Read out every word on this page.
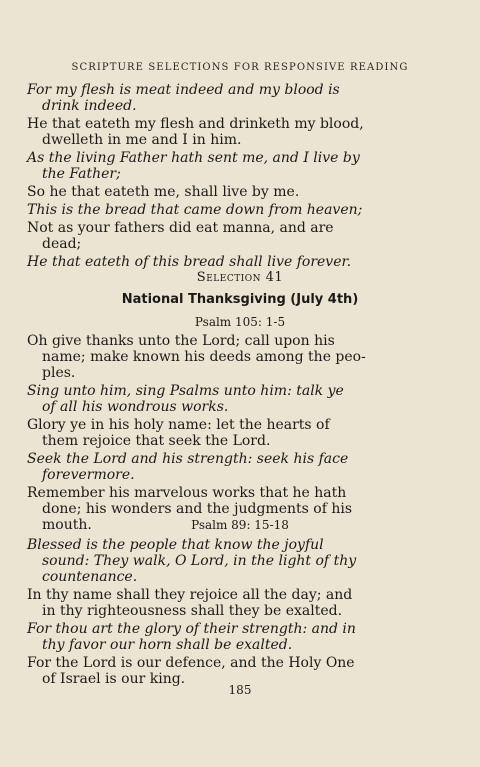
SCRIPTURE SELECTIONS FOR RESPONSIVE READING
For my flesh is meat indeed and my blood is
drink indeed.
He that eateth my flesh and drinketh my blood,
dwelleth in me and I in him.
As the living Father hath sent me, and I live by
the Father;
So he that eateth me, shall live by me.
This is the bread that came down from heaven;
Not as your fathers did eat manna, and are
dead;
He that eateth of this bread shall live forever.
Selection 41
National Thanksgiving (July 4th)
Psalm 105: 1-5
Oh give thanks unto the Lord; call upon his
name; make known his deeds among the peo-
ples.
Sing unto him, sing Psalms unto him: talk ye
of all his wondrous works.
Glory ye in his holy name: let the hearts of
them rejoice that seek the Lord.
Seek the Lord and his strength: seek his face
forevermore.
Remember his marvelous works that he hath
done; his wonders and the judgments of his
mouth.	Psalm 89: 15-18
Blessed is the people that know the joyful
sound: They walk, O Lord, in the light of thy
countenance.
In thy name shall they rejoice all the day; and
in thy righteousness shall they be exalted.
For thou art the glory of their strength: and in
thy favor our horn shall be exalted.
For the Lord is our defence, and the Holy One
of Israel is our king.
185
